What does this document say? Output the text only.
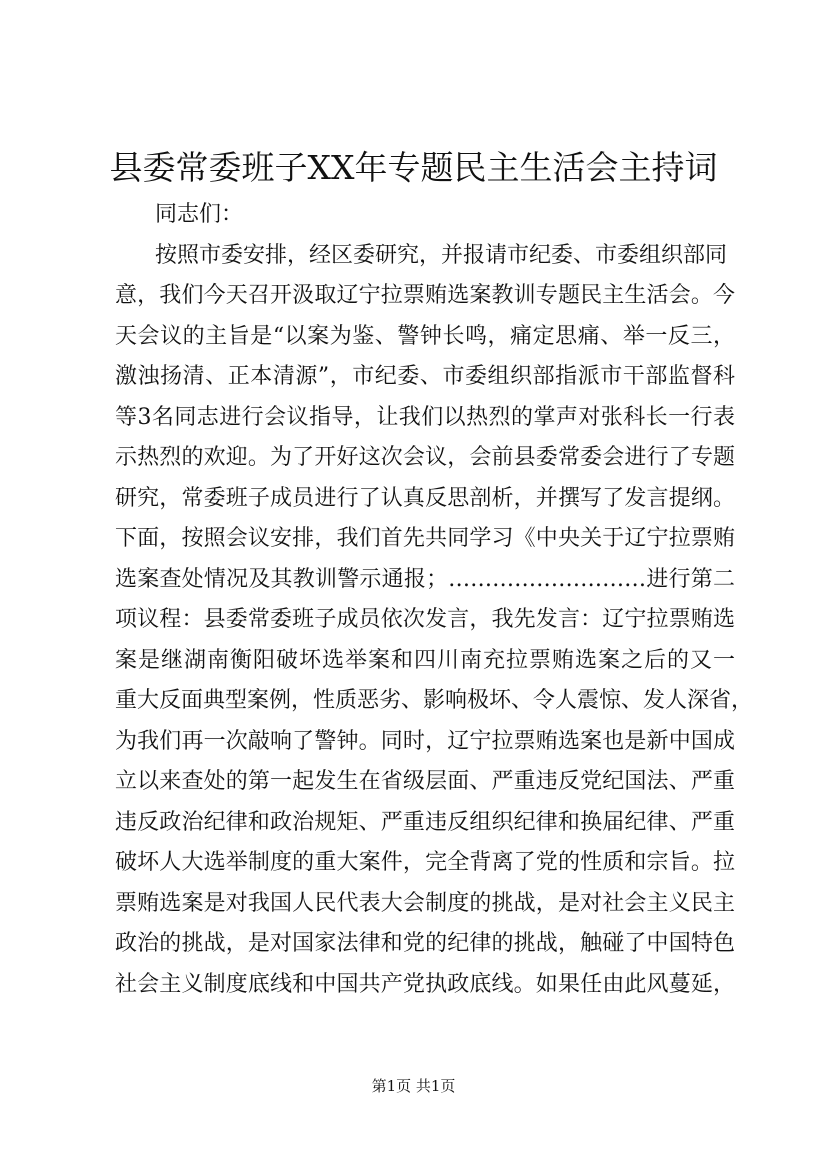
县委常委班子XX年专题民主生活会主持词
同志们：
按照市委安排，经区委研究，并报请市纪委、市委组织部同
意，我们今天召开汲取辽宁拉票贿选案教训专题民主生活会。今
天会议的主旨是“以案为鉴、警钟长鸣，痛定思痛、举一反三，
激浊扬清、正本清源”，市纪委、市委组织部指派市干部监督科
等3名同志进行会议指导，让我们以热烈的掌声对张科长一行表
示热烈的欢迎。为了开好这次会议，会前县委常委会进行了专题
研究，常委班子成员进行了认真反思剖析，并撰写了发言提纲。
下面，按照会议安排，我们首先共同学习《中央关于辽宁拉票贿
选案查处情况及其教训警示通报；………………………进行第二
项议程：县委常委班子成员依次发言，我先发言：辽宁拉票贿选
案是继湖南衡阳破坏选举案和四川南充拉票贿选案之后的又一
重大反面典型案例，性质恶劣、影响极坏、令人震惊、发人深省，
为我们再一次敲响了警钟。同时，辽宁拉票贿选案也是新中国成
立以来查处的第一起发生在省级层面、严重违反党纪国法、严重
违反政治纪律和政治规矩、严重违反组织纪律和换届纪律、严重
破坏人大选举制度的重大案件，完全背离了党的性质和宗旨。拉
票贿选案是对我国人民代表大会制度的挑战，是对社会主义民主
政治的挑战，是对国家法律和党的纪律的挑战，触碰了中国特色
社会主义制度底线和中国共产党执政底线。如果任由此风蔓延，
第1页 共1页
